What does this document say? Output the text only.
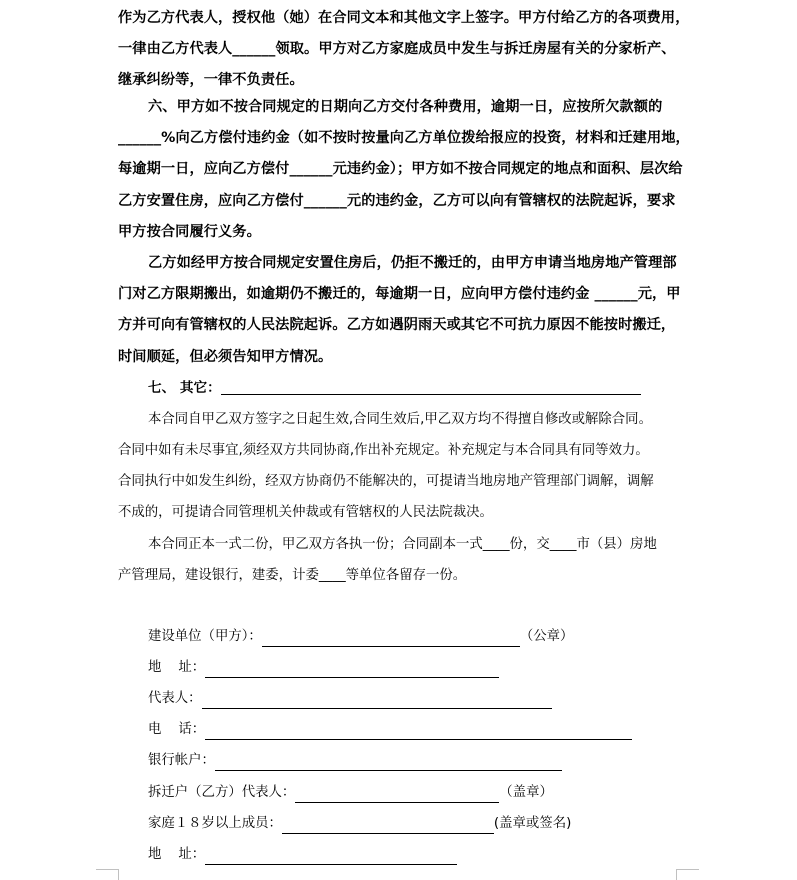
作为乙方代表人，授权他（她）在合同文本和其他文字上签字。甲方付给乙方的各项费用，
一律由乙方代表人______领取。甲方对乙方家庭成员中发生与拆迁房屋有关的分家析产、
继承纠纷等，一律不负责任。
六、甲方如不按合同规定的日期向乙方交付各种费用，逾期一日，应按所欠款额的
______%向乙方偿付违约金（如不按时按量向乙方单位拨给报应的投资，材料和迁建用地，
每逾期一日，应向乙方偿付______元违约金）；甲方如不按合同规定的地点和面积、层次给
乙方安置住房，应向乙方偿付______元的违约金，乙方可以向有管辖权的法院起诉，要求
甲方按合同履行义务。
乙方如经甲方按合同规定安置住房后，仍拒不搬迁的，由甲方申请当地房地产管理部
门对乙方限期搬出，如逾期仍不搬迁的，每逾期一日，应向甲方偿付违约金 ______元，甲
方并可向有管辖权的人民法院起诉。乙方如遇阴雨天或其它不可抗力原因不能按时搬迁，
时间顺延，但必须告知甲方情况。
七、 其它：
本合同自甲乙双方签字之日起生效,合同生效后,甲乙双方均不得擅自修改或解除合同。
合同中如有未尽事宜,须经双方共同协商,作出补充规定。补充规定与本合同具有同等效力。
合同执行中如发生纠纷，经双方协商仍不能解决的，可提请当地房地产管理部门调解，调解
不成的，可提请合同管理机关仲裁或有管辖权的人民法院裁决。
本合同正本一式二份，甲乙双方各执一份；合同副本一式____份，交____市（县）房地
产管理局，建设银行，建委，计委____等单位各留存一份。
建设单位（甲方）：	（公章）
地    址：
代表人：
电    话：
银行帐户：
拆迁户（乙方）代表人：	（盖章）
家庭１８岁以上成员：	(盖章或签名)
地    址：
